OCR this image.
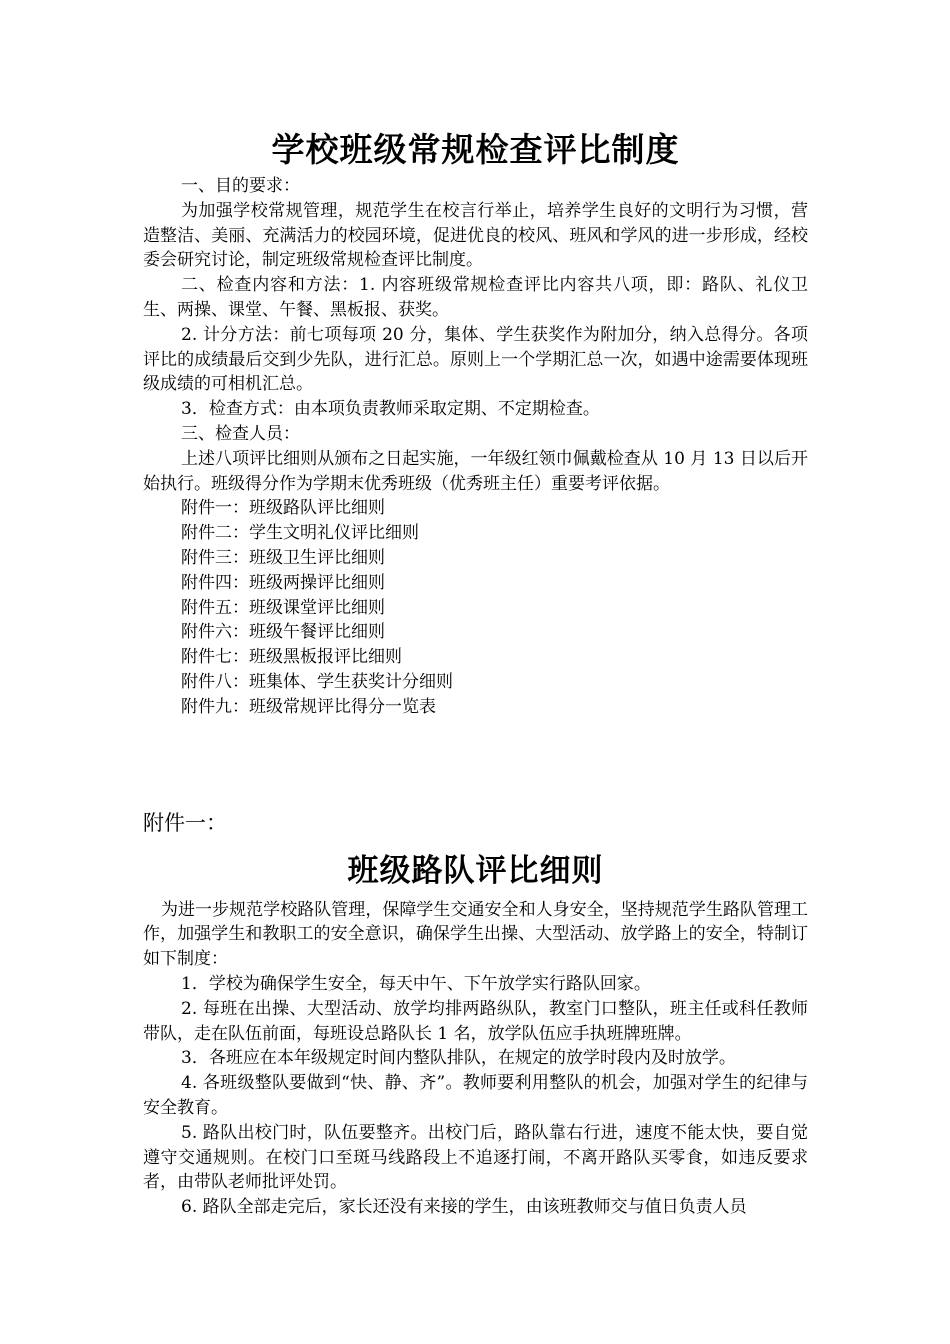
学校班级常规检查评比制度

一、目的要求：

为加强学校常规管理，规范学生在校言行举止，培养学生良好的文明行为习惯，营造整洁、美丽、充满活力的校园环境，促进优良的校风、班风和学风的进一步形成，经校委会研究讨论，制定班级常规检查评比制度。

二、检查内容和方法：1. 内容班级常规检查评比内容共八项，即：路队、礼仪卫生、两操、课堂、午餐、黑板报、获奖。

2. 计分方法：前七项每项 20 分，集体、学生获奖作为附加分，纳入总得分。各项评比的成绩最后交到少先队，进行汇总。原则上一个学期汇总一次，如遇中途需要体现班级成绩的可相机汇总。

3．检查方式：由本项负责教师采取定期、不定期检查。

三、检查人员：

上述八项评比细则从颁布之日起实施，一年级红领巾佩戴检查从 10 月 13 日以后开始执行。班级得分作为学期末优秀班级（优秀班主任）重要考评依据。

附件一：班级路队评比细则

附件二：学生文明礼仪评比细则

附件三：班级卫生评比细则

附件四：班级两操评比细则

附件五：班级课堂评比细则

附件六：班级午餐评比细则

附件七：班级黑板报评比细则

附件八：班集体、学生获奖计分细则

附件九：班级常规评比得分一览表

附件一：

班级路队评比细则

为进一步规范学校路队管理，保障学生交通安全和人身安全，坚持规范学生路队管理工作，加强学生和教职工的安全意识，确保学生出操、大型活动、放学路上的安全，特制订如下制度：

1．学校为确保学生安全，每天中午、下午放学实行路队回家。

2. 每班在出操、大型活动、放学均排两路纵队，教室门口整队，班主任或科任教师带队，走在队伍前面，每班设总路队长 1 名，放学队伍应手执班牌班牌。

3．各班应在本年级规定时间内整队排队，在规定的放学时段内及时放学。

4. 各班级整队要做到“快、静、齐”。教师要利用整队的机会，加强对学生的纪律与安全教育。

5. 路队出校门时，队伍要整齐。出校门后，路队靠右行进，速度不能太快，要自觉遵守交通规则。在校门口至斑马线路段上不追逐打闹，不离开路队买零食，如违反要求者，由带队老师批评处罚。

6. 路队全部走完后，家长还没有来接的学生，由该班教师交与值日负责人员
